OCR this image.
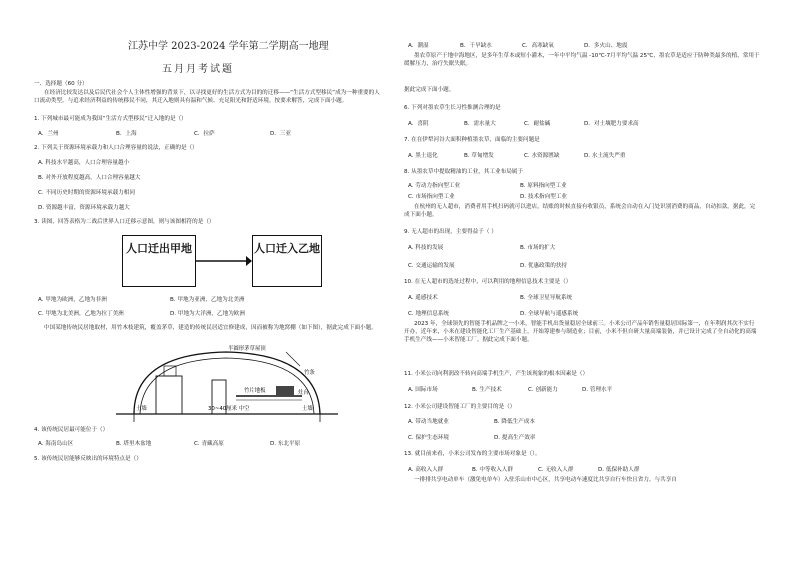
江苏中学 2023-2024 学年第二学期高一地理
五月月考试题
一、选择题（60 分）
在经济比较发达以及后民代社会个人主体性增强的背景下，以寻找更好的生活方式为目的的迁移——“生活方式型移民”成为一种重要的人口流动类型。与追求经济利益的传统移民不同，其迁入地则具有温和气候、充足阳光和舒适环境。按要求解答，完成下面小题。
1. 下列城市最可能成为我国“生活方式型移民”迁入地的是（）
A．兰州	B．上海	C．拉萨	D．三亚
2. 下列关于资源环境承载力和人口合理容量的说法，正确的是（）
A. 科技水平越高，人口合理容量越小
B. 对外开放程度越高，人口合理容量越大
C. 不同历史时期的资源环境承载力相同
D. 资源越丰富，资源环境承载力越大
3. 读图，回答表格为二战后世界人口迁移示意图，则与该图相符的是（）
人口迁出甲地	人口迁入乙地
A. 甲地为欧洲，乙地为非洲	B. 甲地为亚洲，乙地为北美洲
C. 甲地为北美洲，乙地为拉丁美洲	D. 甲地为大洋洲，乙地为欧洲
中国某地传统民居地取材，用竹木枝建筑，覆盖茅草，建造的传统民居适宜修建成，因而被称为地窝棚（如下图），据此完成下面小题。
半圆形茅草屋顶
竹条
竹片地板	灶台
土墙	土墙
30~40厘米 中空
4. 该传统民居最可能位于（）
A. 海南岛山区	B. 塔里木盆地	C. 青藏高原	D. 东北平原
5. 该传统民居能够反映出的环境特点是（）
A．潮湿	B．干旱缺水	C．高寒缺氧	D．多火山、地震
墨农草原产于地中海地区，是多年生草本或短小灌木，一年中平均气温 -10℃-7月平均气温 25℃，墨农草是适应于防种类最多的植，常用于缓解压力，治疗失眠失眠。
据此完成下面小题。
6. 下列对墨农草生长习性推测合理的是
A．喜阴	B．需水量大	C．耐盐碱	D．对土壤肥力要求高
7. 在在伊犁河谷大面积种植墨农草，面临的主要问题是
A. 黑土退化	B. 草甸增发	C. 水资源匮缺	D. 水土流失严重
8. 从墨农草中提取精油的工业，其工业布局属于
A. 劳动力指向型工业	B. 原料指向型工业
C. 市场指向型工业	D. 技术指向型工业
在杭州的无人超市，消费者用手机扫码就可以进店，结账的时候直接有收银员，系统会自动在入门处识别消费的商品，自动扣款。据此，完成下面小题。
9. 无人超市的出现，主要得益于（ ）
A. 科技的发展	B. 市场的扩大
C. 交通运输的发展	D. 优惠政策的扶持
10. 在无人超市的选址过程中，可以利用的地理信息技术主要是（）
A. 遥感技术	B. 全球卫星导航系统
C. 地理信息系统	D. 全球导航与遥感系统
2023 年，全球领先的智能手机品牌之一小米，智能手机出货量稳居全球前三。小米公司产品年销售量稳居国际第一，在年利润其次不实行开办，近年来，小米在建设智能化工厂生产基础上，开始筹建参与制造业；目前，小米不但自研大量高端装备，并已设计完成了全自动化的高端手机生产线——小米智能工厂。据此完成下面小题。
11. 小米公司向利润改不转向高端手机生产，产生该现象的根本因素是（）
A. 国际市场	B. 生产技术	C. 创新能力	D. 管理水平
12. 小米公司建设智能工厂的主要目的是（）
A. 带动当地就业	B. 降低生产成本
C. 保护生态环境	D. 提高生产效率
13. 就目前来看，小米公司发布的主要市场对象是（）。
A. 高收入人群	B. 中等收入人群	C. 无收入人群	D. 低保补助人群
一排排共享电动单车（激免电单车）入驻乐山市中心区，共享电动车速度比共享自行车快且省力，与共享自
